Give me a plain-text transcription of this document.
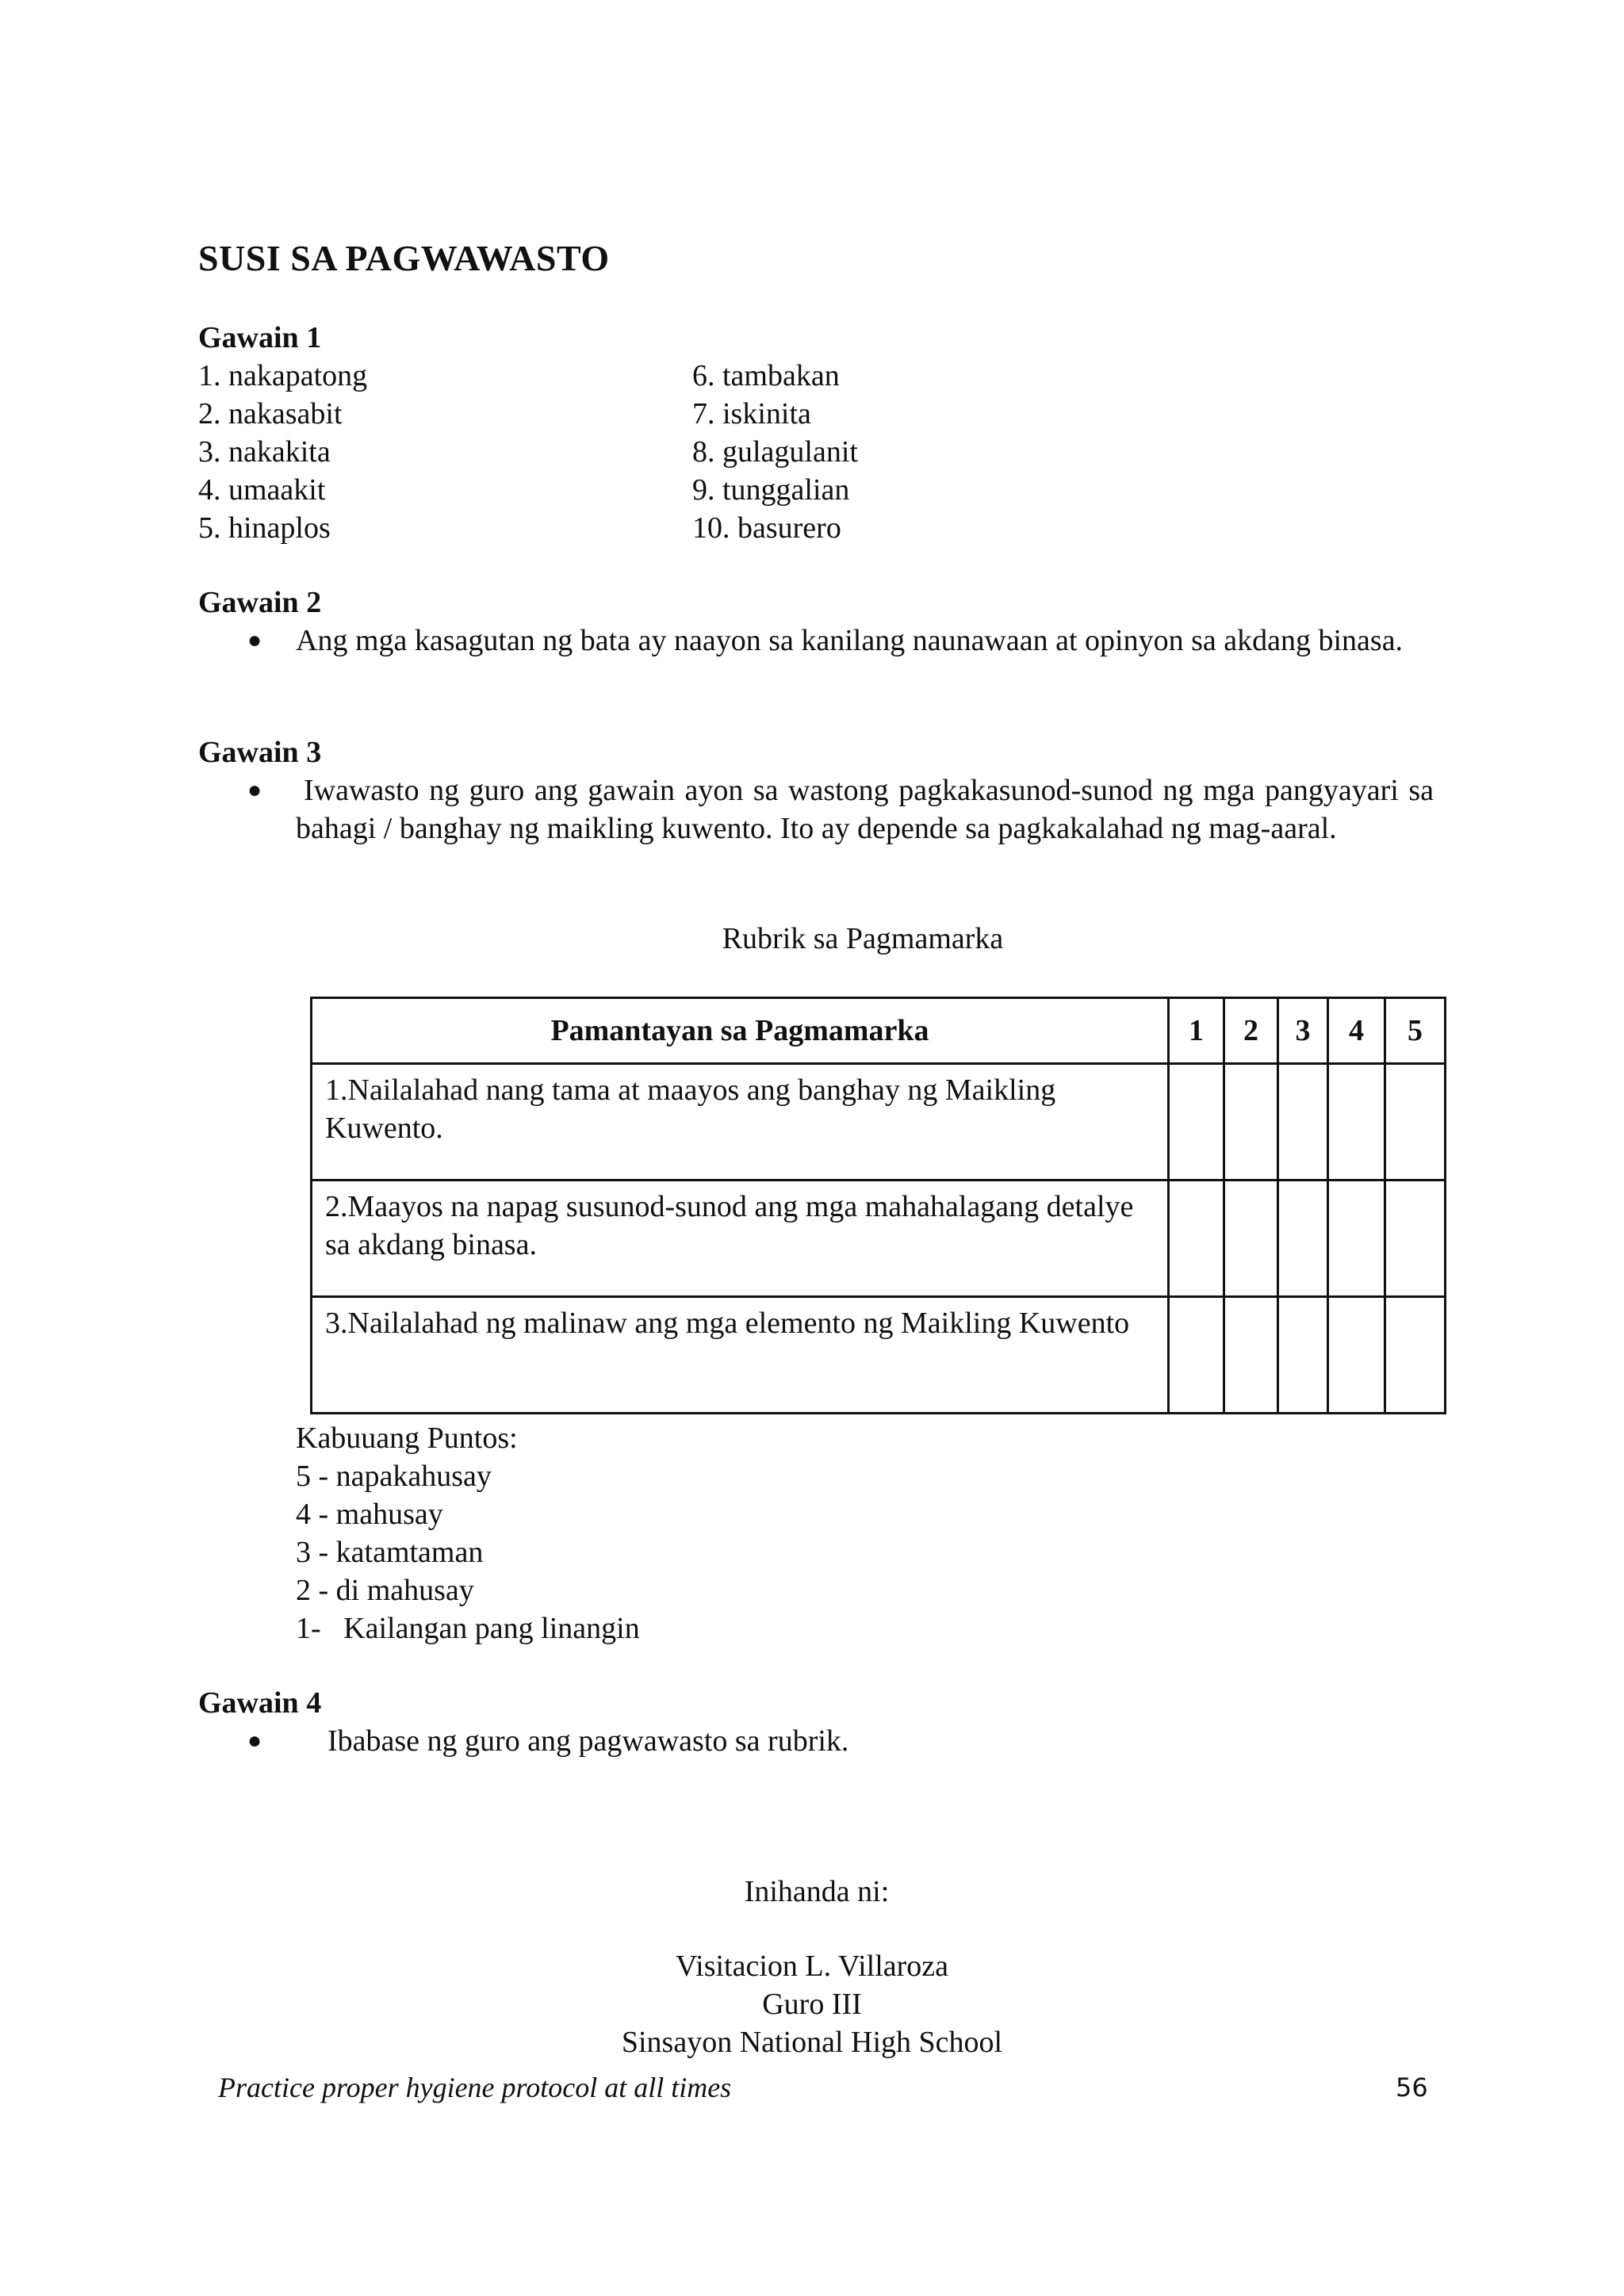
SUSI SA PAGWAWASTO
Gawain 1
1. nakapatong
2. nakasabit
3. nakakita
4. umaakit
5. hinaplos
6. tambakan
7. iskinita
8. gulagulanit
9. tunggalian
10. basurero
Gawain 2
● Ang mga kasagutan ng bata ay naayon sa kanilang naunawaan at opinyon sa akdang binasa.
Gawain 3
● Iwawasto ng guro ang gawain ayon sa wastong pagkakasunod-sunod ng mga pangyayari sa bahagi / banghay ng maikling kuwento. Ito ay depende sa pagkakalahad ng mag-aaral.
Rubrik sa Pagmamarka
Pamantayan sa Pagmamarka	1	2	3	4	5
1.Nailalahad nang tama at maayos ang banghay ng Maikling Kuwento.					
2.Maayos na napag susunod-sunod ang mga mahahalagang detalye sa akdang binasa.					
3.Nailalahad ng malinaw ang mga elemento ng Maikling Kuwento					
Kabuuang Puntos:
5 - napakahusay
4 - mahusay
3 - katamtaman
2 - di mahusay
1-   Kailangan pang linangin
Gawain 4
● Ibabase ng guro ang pagwawasto sa rubrik.
Inihanda ni:
Visitacion L. Villaroza
Guro III
Sinsayon National High School
Practice proper hygiene protocol at all times	56
